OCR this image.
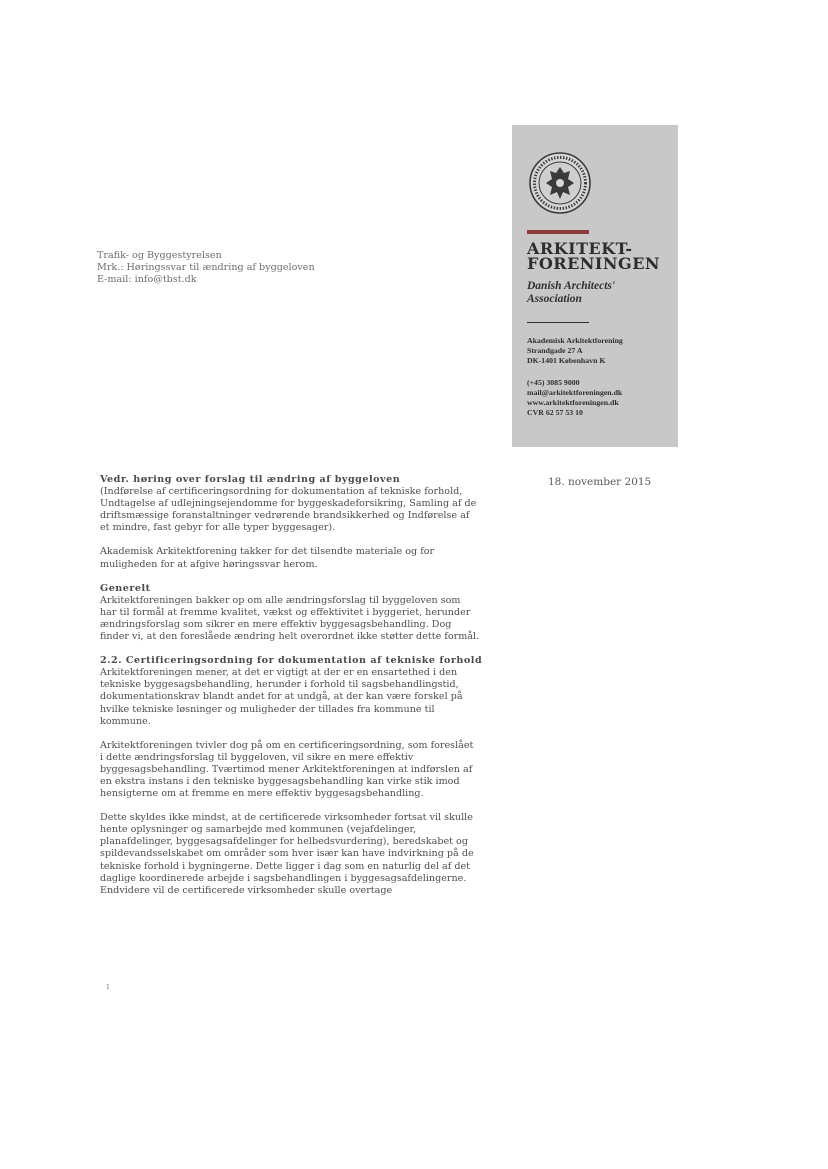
Trafik- og Byggestyrelsen
Mrk.: Høringssvar til ændring af byggeloven
E-mail: info@tbst.dk
ARKITEKT-
FORENINGEN
Danish Architects'
Association
Akademisk Arkitektforening
Strandgade 27 A
DK-1401 København K
(+45) 3085 9000
mail@arkitektforeningen.dk
www.arkitektforeningen.dk
CVR 62 57 53 10
18. november 2015
Vedr. høring over forslag til ændring af byggeloven
(Indførelse af certificeringsordning for dokumentation af tekniske forhold,
Undtagelse af udlejningsejendomme for byggeskadeforsikring, Samling af de
driftsmæssige foranstaltninger vedrørende brandsikkerhed og Indførelse af
et mindre, fast gebyr for alle typer byggesager).
Akademisk Arkitektforening takker for det tilsendte materiale og for
muligheden for at afgive høringssvar herom.
Generelt
Arkitektforeningen bakker op om alle ændringsforslag til byggeloven som
har til formål at fremme kvalitet, vækst og effektivitet i byggeriet, herunder
ændringsforslag som sikrer en mere effektiv byggesagsbehandling. Dog
finder vi, at den foreslåede ændring helt overordnet ikke støtter dette formål.
2.2. Certificeringsordning for dokumentation af tekniske forhold
Arkitektforeningen mener, at det er vigtigt at der er en ensartethed i den
tekniske byggesagsbehandling, herunder i forhold til sagsbehandlingstid,
dokumentationskrav blandt andet for at undgå, at der kan være forskel på
hvilke tekniske løsninger og muligheder der tillades fra kommune til
kommune.
Arkitektforeningen tvivler dog på om en certificeringsordning, som foreslået
i dette ændringsforslag til byggeloven, vil sikre en mere effektiv
byggesagsbehandling. Tværtimod mener Arkitektforeningen at indførslen af
en ekstra instans i den tekniske byggesagsbehandling kan virke stik imod
hensigterne om at fremme en mere effektiv byggesagsbehandling.
Dette skyldes ikke mindst, at de certificerede virksomheder fortsat vil skulle
hente oplysninger og samarbejde med kommunen (vejafdelinger,
planafdelinger, byggesagsafdelinger for helbedsvurdering), beredskabet og
spildevandsselskabet om områder som hver især kan have indvirkning på de
tekniske forhold i bygningerne. Dette ligger i dag som en naturlig del af det
daglige koordinerede arbejde i sagsbehandlingen i byggesagsafdelingerne.
Endvidere vil de certificerede virksomheder skulle overtage
1
